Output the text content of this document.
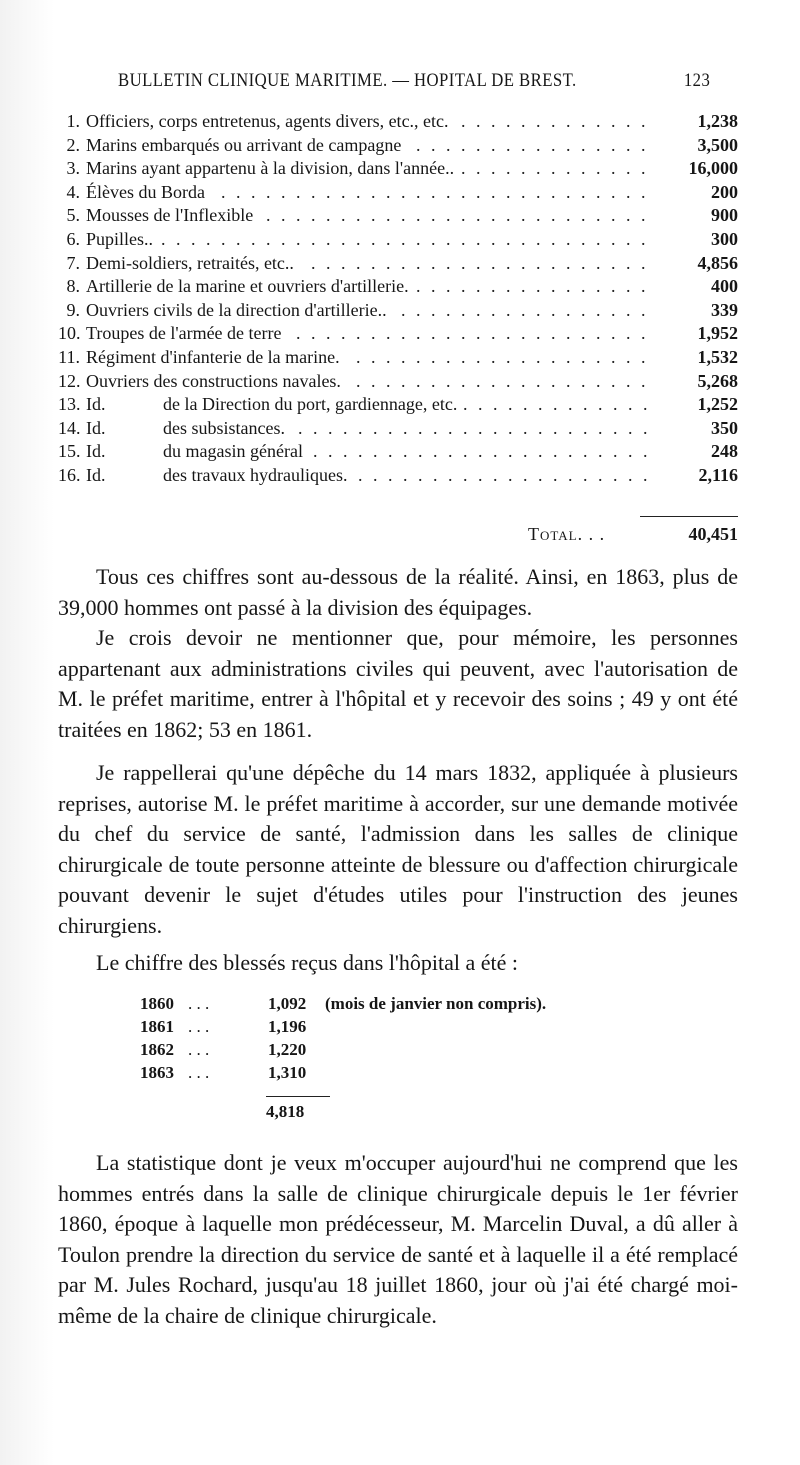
BULLETIN CLINIQUE MARITIME. — HOPITAL DE BREST.	123
1. Officiers, corps entretenus, agents divers, etc., etc. . . .	1,238
2. Marins embarqués ou arrivant de campagne . . .	3,500
3. Marins ayant appartenu à la division, dans l'année.. . . .	16,000
4. Élèves du Borda . . .	200
5. Mousses de l'Inflexible . . .	900
6. Pupilles.. . . .	300
7. Demi-soldiers, retraités, etc.. . . .	4,856
8. Artillerie de la marine et ouvriers d'artillerie. . . .	400
9. Ouvriers civils de la direction d'artillerie.. . . .	339
10. Troupes de l'armée de terre . . .	1,952
11. Régiment d'infanterie de la marine. . . .	1,532
12. Ouvriers des constructions navales. . . .	5,268
13. Id.	de la Direction du port, gardiennage, etc. . . .	1,252
14. Id.	des subsistances. . . .	350
15. Id.	du magasin général . . .	248
16. Id.	des travaux hydrauliques. . . .	2,116
Total. . .	40,451
Tous ces chiffres sont au-dessous de la réalité. Ainsi, en 1863, plus de 39,000 hommes ont passé à la division des équipages.
Je crois devoir ne mentionner que, pour mémoire, les personnes appartenant aux administrations civiles qui peuvent, avec l'autorisation de M. le préfet maritime, entrer à l'hôpital et y recevoir des soins ; 49 y ont été traitées en 1862; 53 en 1861.
Je rappellerai qu'une dépêche du 14 mars 1832, appliquée à plusieurs reprises, autorise M. le préfet maritime à accorder, sur une demande motivée du chef du service de santé, l'admission dans les salles de clinique chirurgicale de toute personne atteinte de blessure ou d'affection chirurgicale pouvant devenir le sujet d'études utiles pour l'instruction des jeunes chirurgiens.
Le chiffre des blessés reçus dans l'hôpital a été :
1860 . . .	1,092 (mois de janvier non compris).
1861 . . .	1,196
1862 . . .	1,220
1863 . . .	1,310
4,818
La statistique dont je veux m'occuper aujourd'hui ne comprend que les hommes entrés dans la salle de clinique chirurgicale depuis le 1er février 1860, époque à laquelle mon prédécesseur, M. Marcelin Duval, a dû aller à Toulon prendre la direction du service de santé et à laquelle il a été remplacé par M. Jules Rochard, jusqu'au 18 juillet 1860, jour où j'ai été chargé moi-même de la chaire de clinique chirurgicale.
